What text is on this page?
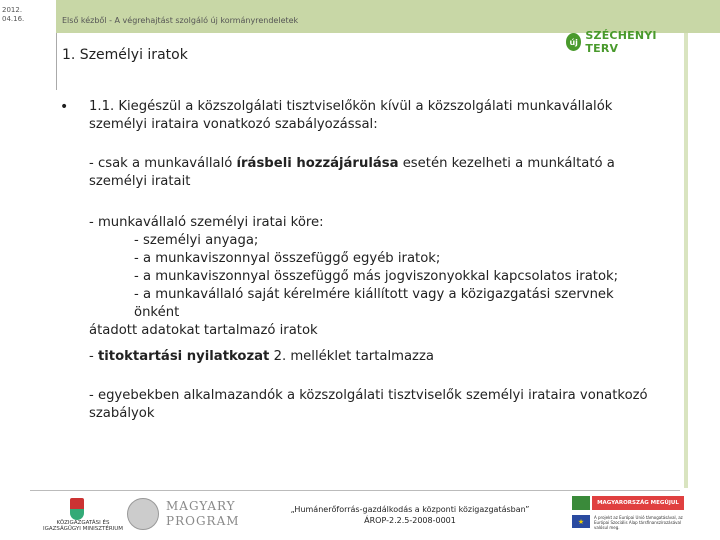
2012.
04.16.	Első kézből - A végrehajtást szolgáló új kormányrendeletek
1. Személyi iratok
új SZÉCHENYI TERV
• 1.1. Kiegészül a közszolgálati tisztviselőkön kívül a közszolgálati munkavállalók személyi irataira vonatkozó szabályozással:
- csak a munkavállaló írásbeli hozzájárulása esetén kezelheti a munkáltató a személyi iratait
- munkavállaló személyi iratai köre:
- személyi anyaga;
- a munkaviszonnyal összefüggő egyéb iratok;
- a munkaviszonnyal összefüggő más jogviszonyokkal kapcsolatos iratok;
- a munkavállaló saját kérelmére kiállított vagy a közigazgatási szervnek önként
átadott adatokat tartalmazó iratok
- titoktartási nyilatkozat 2. melléklet tartalmazza
- egyebekben alkalmazandók a közszolgálati tisztviselők személyi irataira vonatkozó szabályok
KÖZIGAZGATÁSI ÉS IGAZSÁGÜGYI MINISZTÉRIUM
MAGYARY
PROGRAM
„Humánerőforrás-gazdálkodás a központi közigazgatásban”
ÁROP-2.2.5-2008-0001
MAGYARORSZÁG MEGÚJUL
★	A projekt az Európai Unió támogatásával, az Európai Szociális Alap társfinanszírozásával valósul meg.
